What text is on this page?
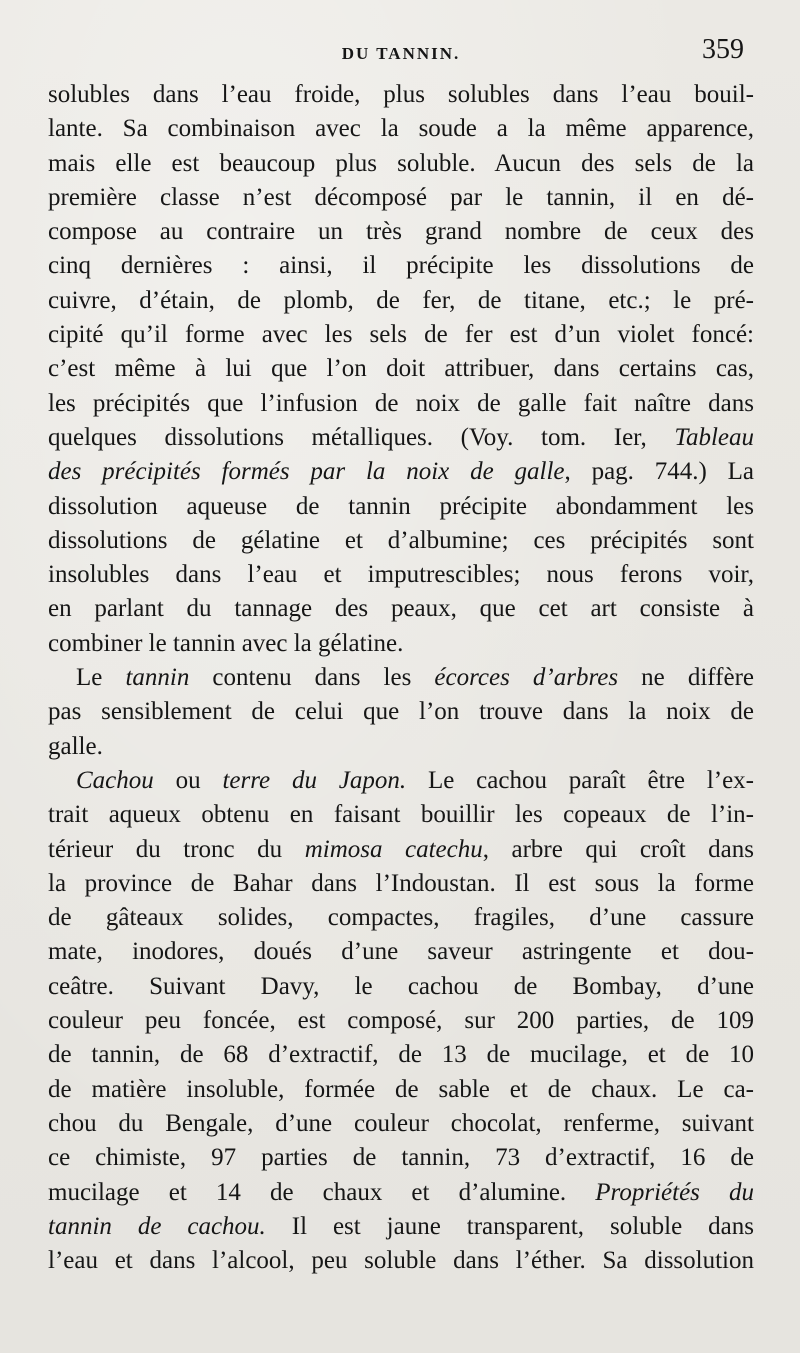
DU TANNIN.	359
solubles dans l’eau froide, plus solubles dans l’eau bouil-
lante. Sa combinaison avec la soude a la même apparence,
mais elle est beaucoup plus soluble. Aucun des sels de la
première classe n’est décomposé par le tannin, il en dé-
compose au contraire un très grand nombre de ceux des
cinq dernières : ainsi, il précipite les dissolutions de
cuivre, d’étain, de plomb, de fer, de titane, etc.; le pré-
cipité qu’il forme avec les sels de fer est d’un violet foncé:
c’est même à lui que l’on doit attribuer, dans certains cas,
les précipités que l’infusion de noix de galle fait naître dans
quelques dissolutions métalliques. (Voy. tom. Ier, Tableau
des précipités formés par la noix de galle, pag. 744.) La
dissolution aqueuse de tannin précipite abondamment les
dissolutions de gélatine et d’albumine; ces précipités sont
insolubles dans l’eau et imputrescibles; nous ferons voir,
en parlant du tannage des peaux, que cet art consiste à
combiner le tannin avec la gélatine.
Le tannin contenu dans les écorces d’arbres ne diffère
pas sensiblement de celui que l’on trouve dans la noix de
galle.
Cachou ou terre du Japon. Le cachou paraît être l’ex-
trait aqueux obtenu en faisant bouillir les copeaux de l’in-
térieur du tronc du mimosa catechu, arbre qui croît dans
la province de Bahar dans l’Indoustan. Il est sous la forme
de gâteaux solides, compactes, fragiles, d’une cassure
mate, inodores, doués d’une saveur astringente et dou-
ceâtre. Suivant Davy, le cachou de Bombay, d’une
couleur peu foncée, est composé, sur 200 parties, de 109
de tannin, de 68 d’extractif, de 13 de mucilage, et de 10
de matière insoluble, formée de sable et de chaux. Le ca-
chou du Bengale, d’une couleur chocolat, renferme, suivant
ce chimiste, 97 parties de tannin, 73 d’extractif, 16 de
mucilage et 14 de chaux et d’alumine. Propriétés du
tannin de cachou. Il est jaune transparent, soluble dans
l’eau et dans l’alcool, peu soluble dans l’éther. Sa dissolution
